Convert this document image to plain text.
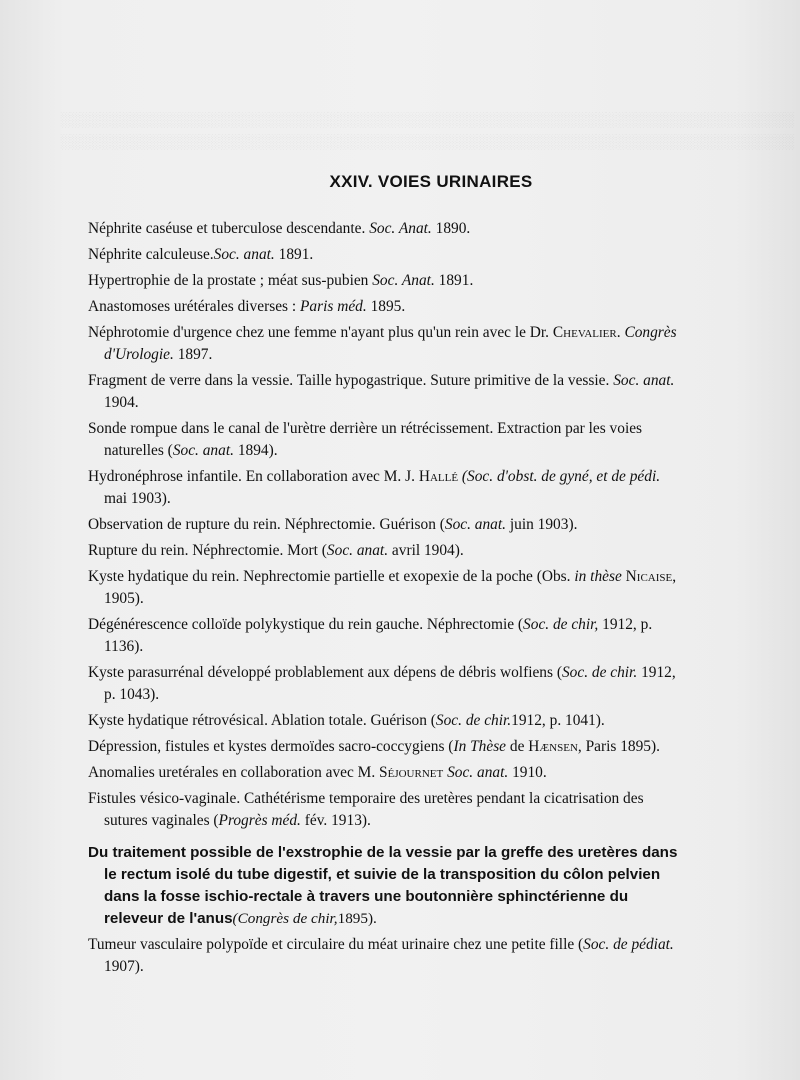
░░░░░░░░░░░░░░░░░░░░░░░░░░░░░░░░░░░░░░░░░░░░░░░░░░░░░░░░░░░░░░░░░░░░░░░░░░
░░░░░░░░░░░░░░░░░░░░░░░░░░░░░░░░░░░░░░░░░░░░░░░░░░░░░░░░░░░░░░░░░░░░░░░░░░
XXIV. VOIES URINAIRES

Néphrite caséuse et tuberculose descendante. Soc. Anat. 1890.

Néphrite calculeuse.Soc. anat. 1891.

Hypertrophie de la prostate ; méat sus-pubien Soc. Anat. 1891.

Anastomoses urétérales diverses : Paris méd. 1895.

Néphrotomie d'urgence chez une femme n'ayant plus qu'un rein avec le Dr. Chevalier. Congrès d'Urologie. 1897.

Fragment de verre dans la vessie. Taille hypogastrique. Suture primitive de la vessie. Soc. anat. 1904.

Sonde rompue dans le canal de l'urètre derrière un rétrécissement. Extraction par les voies naturelles (Soc. anat. 1894).

Hydronéphrose infantile. En collaboration avec M. J. Hallé (Soc. d'obst. de gyné, et de pédi. mai 1903).

Observation de rupture du rein. Néphrectomie. Guérison (Soc. anat. juin 1903).

Rupture du rein. Néphrectomie. Mort (Soc. anat. avril 1904).

Kyste hydatique du rein. Nephrectomie partielle et exopexie de la poche (Obs. in thèse Nicaise, 1905).

Dégénérescence colloïde polykystique du rein gauche. Néphrectomie (Soc. de chir, 1912, p. 1136).

Kyste parasurrénal développé problablement aux dépens de débris wolfiens (Soc. de chir. 1912, p. 1043).

Kyste hydatique rétrovésical. Ablation totale. Guérison (Soc. de chir.1912, p. 1041).

Dépression, fistules et kystes dermoïdes sacro-coccygiens (In Thèse de Hænsen, Paris 1895).

Anomalies uretérales en collaboration avec M. Séjournet Soc. anat. 1910.

Fistules vésico-vaginale. Cathétérisme temporaire des uretères pendant la cicatrisation des sutures vaginales (Progrès méd. fév. 1913).

Du traitement possible de l'exstrophie de la vessie par la greffe des uretères dans le rectum isolé du tube digestif, et suivie de la transposition du côlon pelvien dans la fosse ischio-rectale à travers une boutonnière sphinctérienne du releveur de l'anus(Congrès de chir,1895).

Tumeur vasculaire polypoïde et circulaire du méat urinaire chez une petite fille (Soc. de pédiat. 1907).
